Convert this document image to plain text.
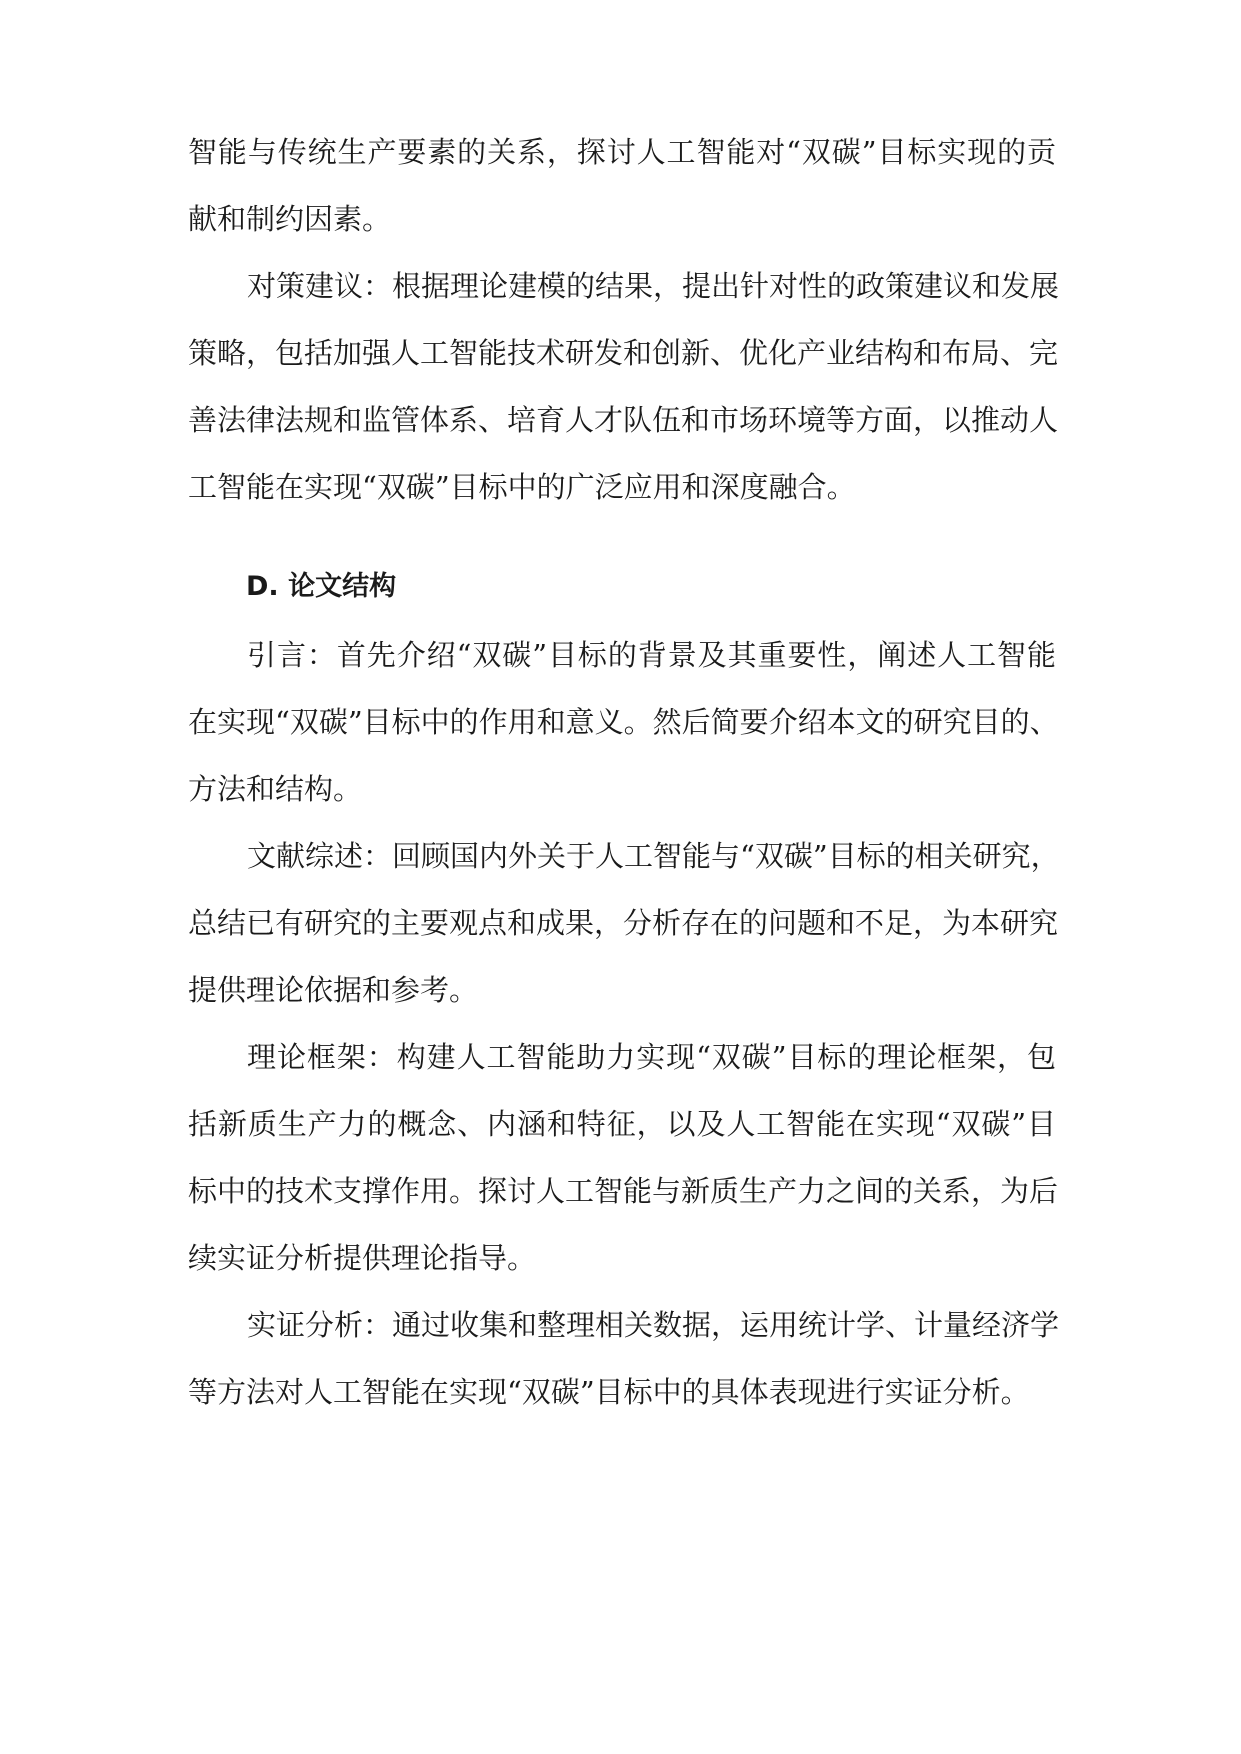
智能与传统生产要素的关系，探讨人工智能对“双碳”目标实现的贡
献和制约因素。
对策建议：根据理论建模的结果，提出针对性的政策建议和发展
策略，包括加强人工智能技术研发和创新、优化产业结构和布局、完
善法律法规和监管体系、培育人才队伍和市场环境等方面，以推动人
工智能在实现“双碳”目标中的广泛应用和深度融合。
D. 论文结构
引言：首先介绍“双碳”目标的背景及其重要性，阐述人工智能
在实现“双碳”目标中的作用和意义。然后简要介绍本文的研究目的、
方法和结构。
文献综述：回顾国内外关于人工智能与“双碳”目标的相关研究，
总结已有研究的主要观点和成果，分析存在的问题和不足，为本研究
提供理论依据和参考。
理论框架：构建人工智能助力实现“双碳”目标的理论框架，包
括新质生产力的概念、内涵和特征，以及人工智能在实现“双碳”目
标中的技术支撑作用。探讨人工智能与新质生产力之间的关系，为后
续实证分析提供理论指导。
实证分析：通过收集和整理相关数据，运用统计学、计量经济学
等方法对人工智能在实现“双碳”目标中的具体表现进行实证分析。
